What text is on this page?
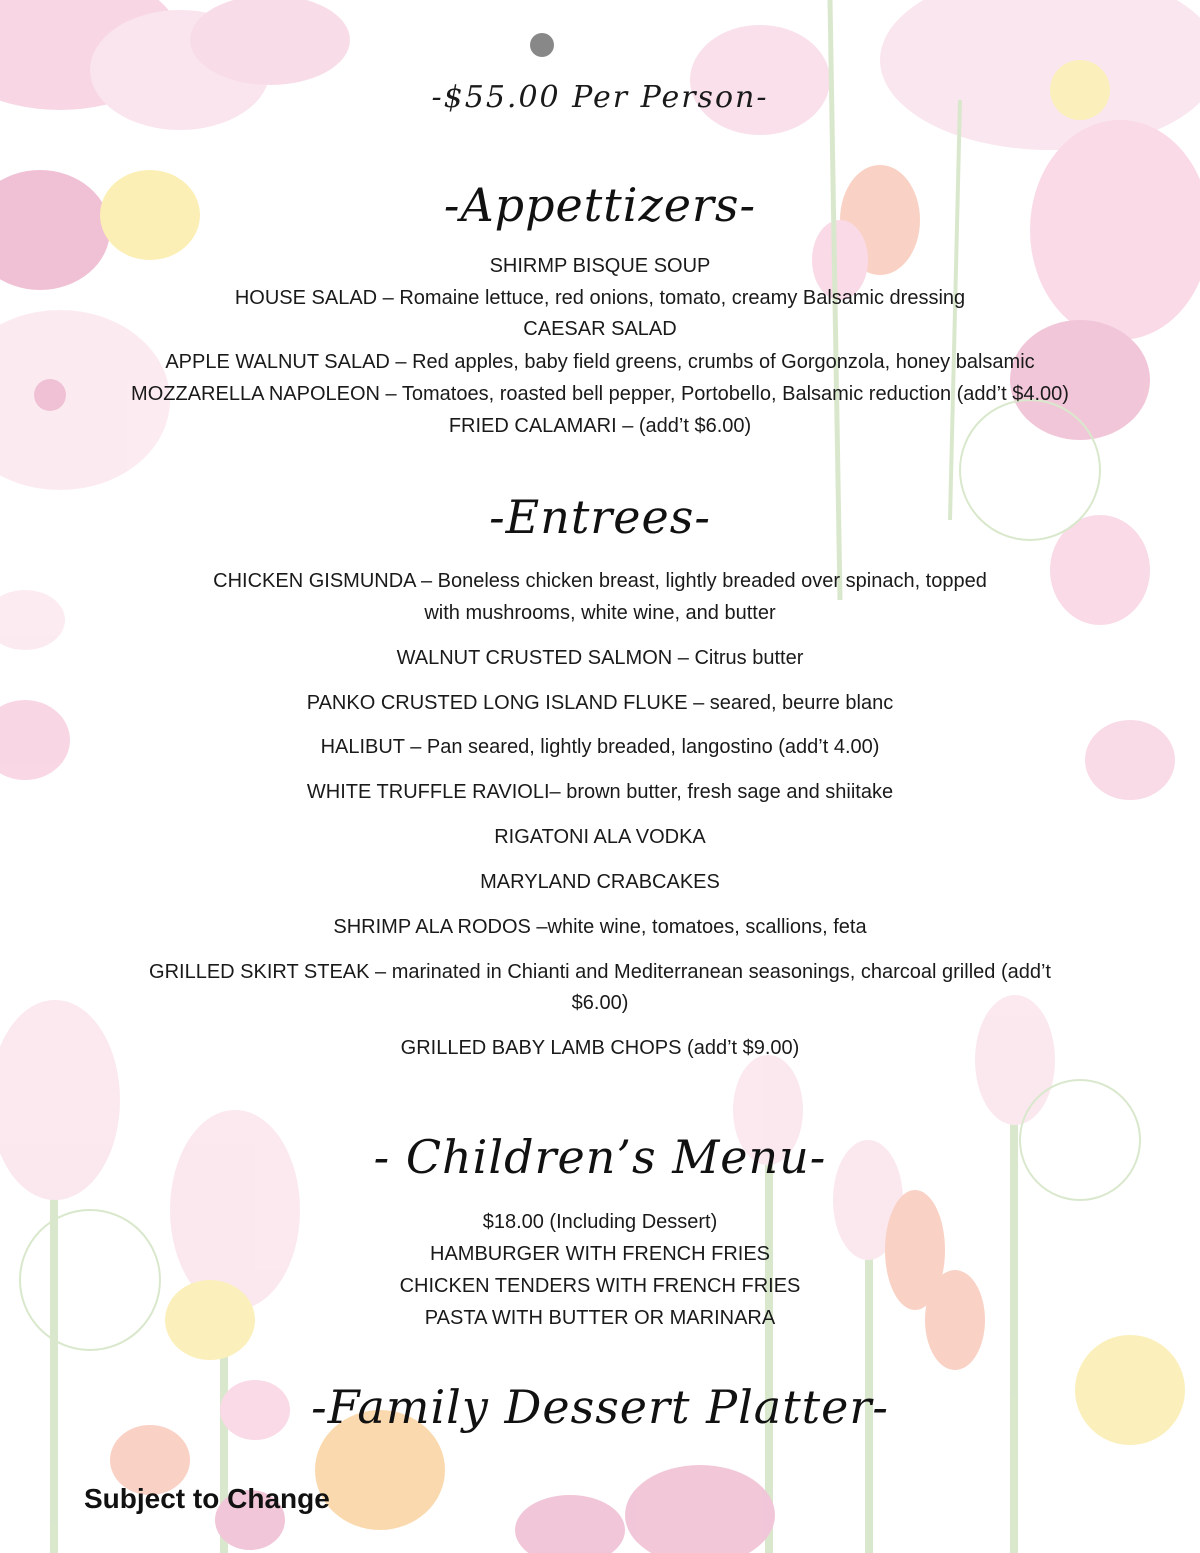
-$55.00 Per Person-
-Appettizers-
SHIRMP BISQUE SOUP
HOUSE SALAD – Romaine lettuce, red onions, tomato, creamy Balsamic dressing
CAESAR SALAD
APPLE WALNUT SALAD – Red apples, baby field greens, crumbs of Gorgonzola, honey balsamic
MOZZARELLA NAPOLEON – Tomatoes, roasted bell pepper, Portobello, Balsamic reduction (add’t $4.00)
FRIED CALAMARI – (add’t $6.00)
-Entrees-
CHICKEN GISMUNDA – Boneless chicken breast, lightly breaded over spinach, topped
with mushrooms, white wine, and butter
WALNUT CRUSTED SALMON – Citrus butter
PANKO CRUSTED LONG ISLAND FLUKE – seared, beurre blanc
HALIBUT – Pan seared, lightly breaded, langostino (add’t 4.00)
WHITE TRUFFLE RAVIOLI– brown butter, fresh sage and shiitake
RIGATONI ALA VODKA
MARYLAND CRABCAKES
SHRIMP ALA RODOS –white wine, tomatoes, scallions, feta
GRILLED SKIRT STEAK – marinated in Chianti and Mediterranean seasonings, charcoal grilled (add’t
$6.00)
GRILLED BABY LAMB CHOPS (add’t $9.00)
- Children’s Menu-
$18.00 (Including Dessert)
HAMBURGER WITH FRENCH FRIES
CHICKEN TENDERS WITH FRENCH FRIES
PASTA WITH BUTTER OR MARINARA
-Family Dessert Platter-
Subject to Change
